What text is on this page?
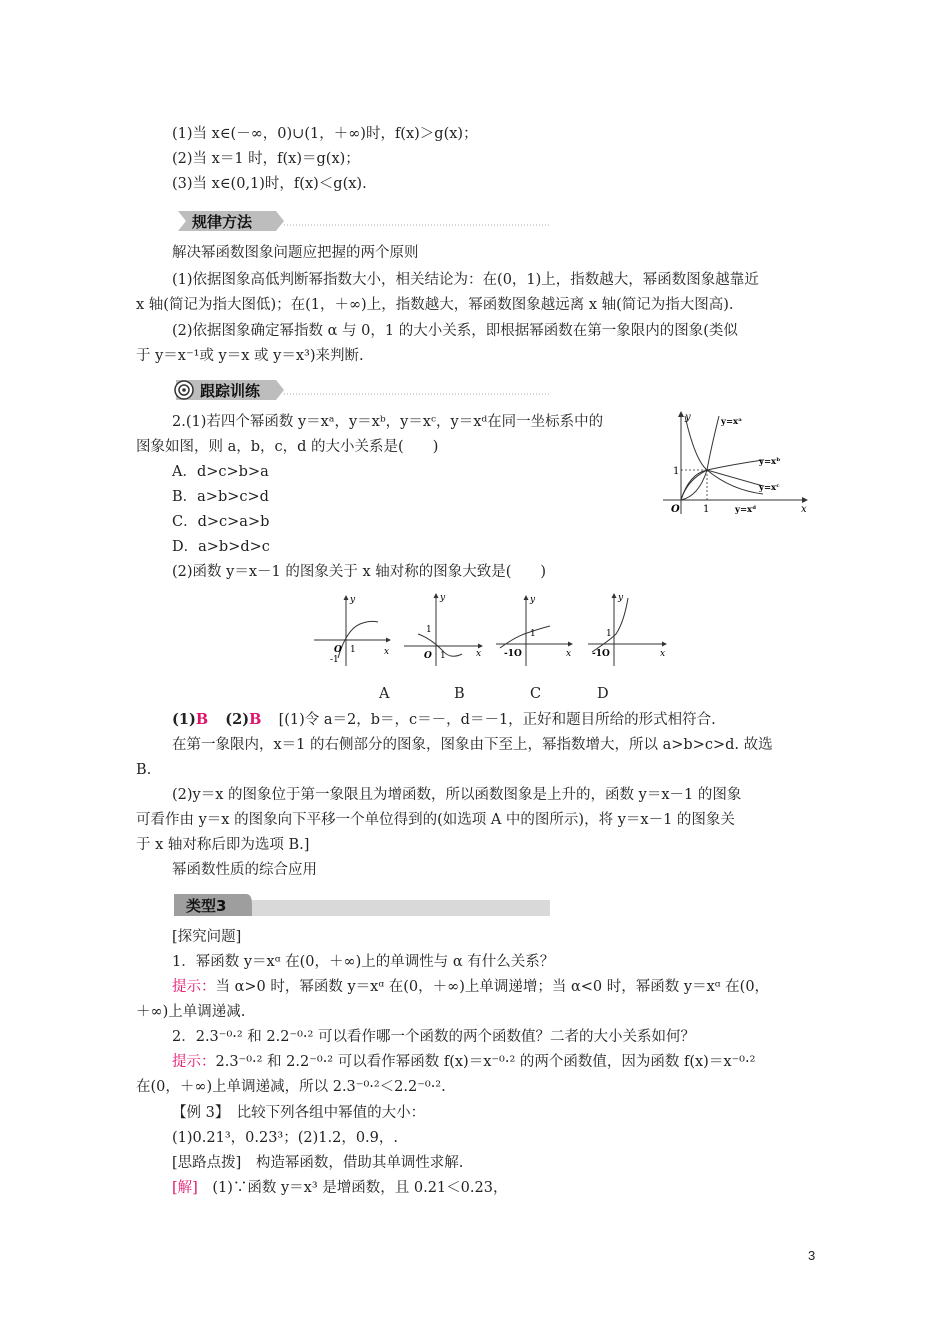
(1)当 x∈(－∞，0)∪(1，＋∞)时，f(x)＞g(x)；
(2)当 x＝1 时，f(x)＝g(x)；
(3)当 x∈(0,1)时，f(x)＜g(x).
规律方法
解决幂函数图象问题应把握的两个原则
(1)依据图象高低判断幂指数大小，相关结论为：在(0，1)上，指数越大，幂函数图象越靠近
x 轴(简记为指大图低)；在(1，＋∞)上，指数越大，幂函数图象越远离 x 轴(简记为指大图高).
(2)依据图象确定幂指数 α 与 0，1 的大小关系，即根据幂函数在第一象限内的图象(类似
于 y＝x⁻¹或 y＝x 或 y＝x³)来判断.
跟踪训练
2.(1)若四个幂函数 y＝xᵃ，y＝xᵇ，y＝xᶜ，y＝xᵈ在同一坐标系中的
图象如图，则 a，b，c，d 的大小关系是(　　)
A．d>c>b>a
B．a>b>c>d
C．d>c>a>b
D．a>b>d>c
y
x
O
1
1
y=xᵃ
y=xᵇ
y=xᶜ
y=xᵈ
(2)函数 y＝x－1 的图象关于 x 轴对称的图象大致是(　　)
y
x
O 1
-1
y
x
1
O 1
y
x
1
-1O
y
x
1
-1O
A	B	C	D
(1)B (2)B [(1)令 a＝2，b＝，c＝－，d＝－1，正好和题目所给的形式相符合.
在第一象限内，x＝1 的右侧部分的图象，图象由下至上，幂指数增大，所以 a>b>c>d. 故选
B.
(2)y＝x 的图象位于第一象限且为增函数，所以函数图象是上升的，函数 y＝x－1 的图象
可看作由 y＝x 的图象向下平移一个单位得到的(如选项 A 中的图所示)，将 y＝x－1 的图象关
于 x 轴对称后即为选项 B.]
幂函数性质的综合应用
类型3
[探究问题]
1．幂函数 y＝xᵅ 在(0，＋∞)上的单调性与 α 有什么关系？
提示：当 α>0 时，幂函数 y＝xᵅ 在(0，＋∞)上单调递增；当 α<0 时，幂函数 y＝xᵅ 在(0，
＋∞)上单调递减.
2．2.3⁻⁰·² 和 2.2⁻⁰·² 可以看作哪一个函数的两个函数值？二者的大小关系如何？
提示：2.3⁻⁰·² 和 2.2⁻⁰·² 可以看作幂函数 f(x)＝x⁻⁰·² 的两个函数值，因为函数 f(x)＝x⁻⁰·²
在(0，＋∞)上单调递减，所以 2.3⁻⁰·²＜2.2⁻⁰·².
【例 3】　比较下列各组中幂值的大小：
(1)0.21³，0.23³；(2)1.2，0.9，.
[思路点拨]　构造幂函数，借助其单调性求解.
[解]　(1)∵函数 y＝x³ 是增函数，且 0.21＜0.23，
3
